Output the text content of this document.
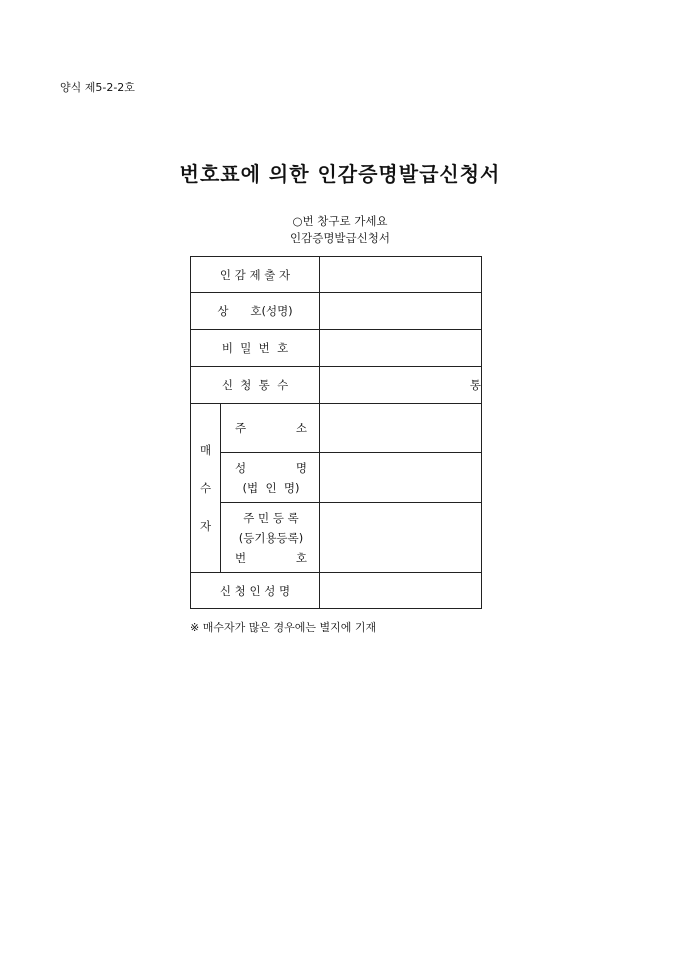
양식 제5-2-2호
번호표에 의한 인감증명발급신청서
○번 창구로 가세요
인감증명발급신청서
인 감 제 출 자		
상      호(성명)		
비  밀  번  호		
신  청  통  수		통
매
수
자	주 소	

	성 명
(법  인  명)	

	주 민 등 록
(등기용등록)
번 호	

신 청 인 성 명		
※ 매수자가 많은 경우에는 별지에 기재
